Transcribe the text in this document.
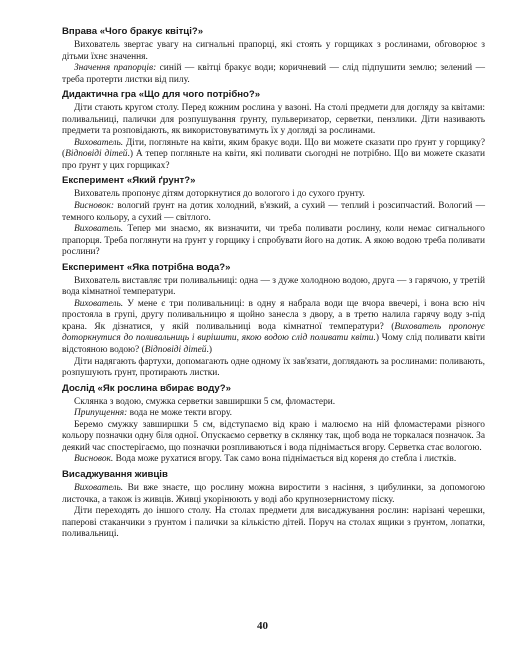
Вправа «Чого бракує квітці?»

Вихователь звертає увагу на сигнальні прапорці, які стоять у горщиках з рослинами, обговорює з дітьми їхнє значення.

Значення прапорців: синій — квітці бракує води; коричневий — слід підпушити землю; зелений — треба протерти листки від пилу.

Дидактична гра «Що для чого потрібно?»

Діти стають кругом столу. Перед кожним рослина у вазоні. На столі предмети для догляду за квітами: поливальниці, палички для розпушування ґрунту, пульверизатор, серветки, пензлики. Діти називають предмети та розповідають, як використовуватимуть їх у догляді за рослинами.

Вихователь. Діти, погляньте на квіти, яким бракує води. Що ви можете сказати про ґрунт у горщику? (Відповіді дітей.) А тепер погляньте на квіти, які поливати сьогодні не потрібно. Що ви можете сказати про ґрунт у цих горщиках?

Експеримент «Який ґрунт?»

Вихователь пропонує дітям доторкнутися до вологого і до сухого ґрунту.

Висновок: вологий ґрунт на дотик холодний, в'язкий, а сухий — теплий і розсипчастий. Вологий — темного кольору, а сухий — світлого.

Вихователь. Тепер ми знаємо, як визначити, чи треба поливати рослину, коли немає сигнального прапорця. Треба поглянути на ґрунт у горщику і спробувати його на дотик. А якою водою треба поливати рослини?

Експеримент «Яка потрібна вода?»

Вихователь виставляє три поливальниці: одна — з дуже холодною водою, друга — з гарячою, у третій вода кімнатної температури.

Вихователь. У мене є три поливальниці: в одну я набрала води ще вчора ввечері, і вона всю ніч простояла в групі, другу поливальницю я щойно занесла з двору, а в третю налила гарячу воду з-під крана. Як дізнатися, у якій поливальниці вода кімнатної температури? (Вихователь пропонує доторкнутися до поливальниць і вирішити, якою водою слід поливати квіти.) Чому слід поливати квіти відстояною водою? (Відповіді дітей.)

Діти надягають фартухи, допомагають одне одному їх зав'язати, доглядають за рослинами: поливають, розпушують ґрунт, протирають листки.

Дослід «Як рослина вбирає воду?»

Склянка з водою, смужка серветки завширшки 5 см, фломастери.

Припущення: вода не може текти вгору.

Беремо смужку завширшки 5 см, відступаємо від краю і малюємо на ній фломастерами різного кольору позначки одну біля одної. Опускаємо серветку в склянку так, щоб вода не торкалася позначок. За деякий час спостерігаємо, що позначки розпливаються і вода піднімається вгору. Серветка стає вологою.

Висновок. Вода може рухатися вгору. Так само вона піднімається від кореня до стебла і листків.

Висаджування живців

Вихователь. Ви вже знаєте, що рослину можна виростити з насіння, з цибулинки, за допомогою листочка, а також із живців. Живці укорінюють у воді або крупнозернистому піску.

Діти переходять до іншого столу. На столах предмети для висаджування рослин: нарізані черешки, паперові стаканчики з ґрунтом і палички за кількістю дітей. Поруч на столах ящики з ґрунтом, лопатки, поливальниці.

40
